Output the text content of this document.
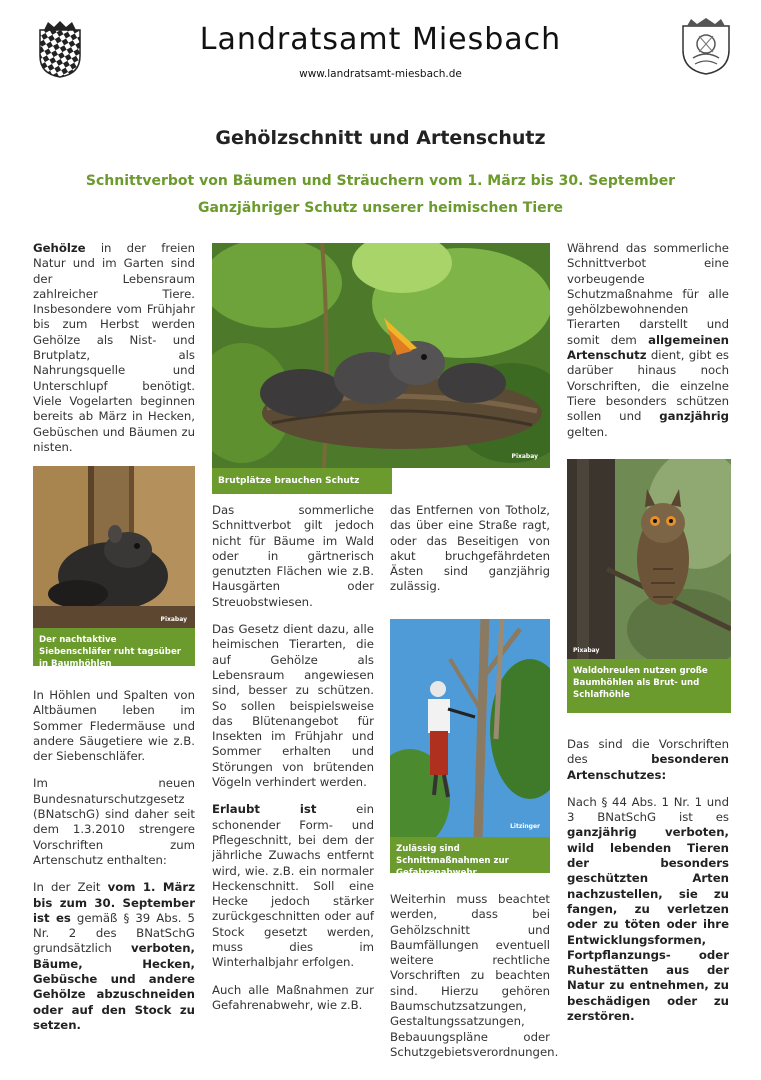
Landratsamt Miesbach
www.landratsamt-miesbach.de
Gehölzschnitt und Artenschutz
Schnittverbot von Bäumen und Sträuchern vom 1. März bis 30. September
Ganzjähriger Schutz unserer heimischen Tiere

Gehölze in der freien Natur und im Garten sind der Lebensraum zahlreicher Tiere. Insbesondere vom Frühjahr bis zum Herbst werden Gehölze als Nist- und Brutplatz, als Nahrungsquelle und Unterschlupf benötigt. Viele Vogelarten beginnen bereits ab März in Hecken, Gebüschen und Bäumen zu nisten.

Pixabay
Der nachtaktive Siebenschläfer ruht tagsüber in Baumhöhlen

In Höhlen und Spalten von Altbäumen leben im Sommer Fledermäuse und andere Säugetiere wie z.B. der Siebenschläfer.

Im neuen Bundesnaturschutzgesetz (BNatschG) sind daher seit dem 1.3.2010 strengere Vorschriften zum Artenschutz enthalten:

In der Zeit vom 1. März bis zum 30. September ist es gemäß § 39 Abs. 5 Nr. 2 des BNatSchG grundsätzlich verboten, Bäume, Hecken, Gebüsche und andere Gehölze abzuschneiden oder auf den Stock zu setzen.

Pixabay
Brutplätze brauchen Schutz

Das sommerliche Schnittverbot gilt jedoch nicht für Bäume im Wald oder in gärtnerisch genutzten Flächen wie z.B. Hausgärten oder Streuobstwiesen.

Das Gesetz dient dazu, alle heimischen Tierarten, die auf Gehölze als Lebensraum angewiesen sind, besser zu schützen. So sollen beispielsweise das Blütenangebot für Insekten im Frühjahr und Sommer erhalten und Störungen von brütenden Vögeln verhindert werden.

Erlaubt ist ein schonender Form- und Pflegeschnitt, bei dem der jährliche Zuwachs entfernt wird, wie. z.B. ein normaler Heckenschnitt. Soll eine Hecke jedoch stärker zurückgeschnitten oder auf Stock gesetzt werden, muss dies im Winterhalbjahr erfolgen.

Auch alle Maßnahmen zur Gefahrenabwehr, wie z.B.

das Entfernen von Totholz, das über eine Straße ragt, oder das Beseitigen von akut bruchgefährdeten Ästen sind ganzjährig zulässig.

Litzinger
Zulässig sind Schnittmaßnahmen zur Gefahrenabwehr

Weiterhin muss beachtet werden, dass bei Gehölzschnitt und Baumfällungen eventuell weitere rechtliche Vorschriften zu beachten sind. Hierzu gehören Baumschutzsatzungen, Gestaltungssatzungen, Bebauungspläne oder Schutzgebietsverordnungen.

Während das sommerliche Schnittverbot eine vorbeugende Schutzmaßnahme für alle gehölzbewohnenden Tierarten darstellt und somit dem allgemeinen Artenschutz dient, gibt es darüber hinaus noch Vorschriften, die einzelne Tiere besonders schützen sollen und ganzjährig gelten.

Pixabay
Waldohreulen nutzen große Baumhöhlen als Brut- und Schlafhöhle

Das sind die Vorschriften des besonderen Artenschutzes:

Nach § 44 Abs. 1 Nr. 1 und 3 BNatSchG ist es ganzjährig verboten, wild lebenden Tieren der besonders geschützten Arten nachzustellen, sie zu fangen, zu verletzen oder zu töten oder ihre Entwicklungsformen, Fortpflanzungs- oder Ruhestätten aus der Natur zu entnehmen, zu beschädigen oder zu zerstören.
